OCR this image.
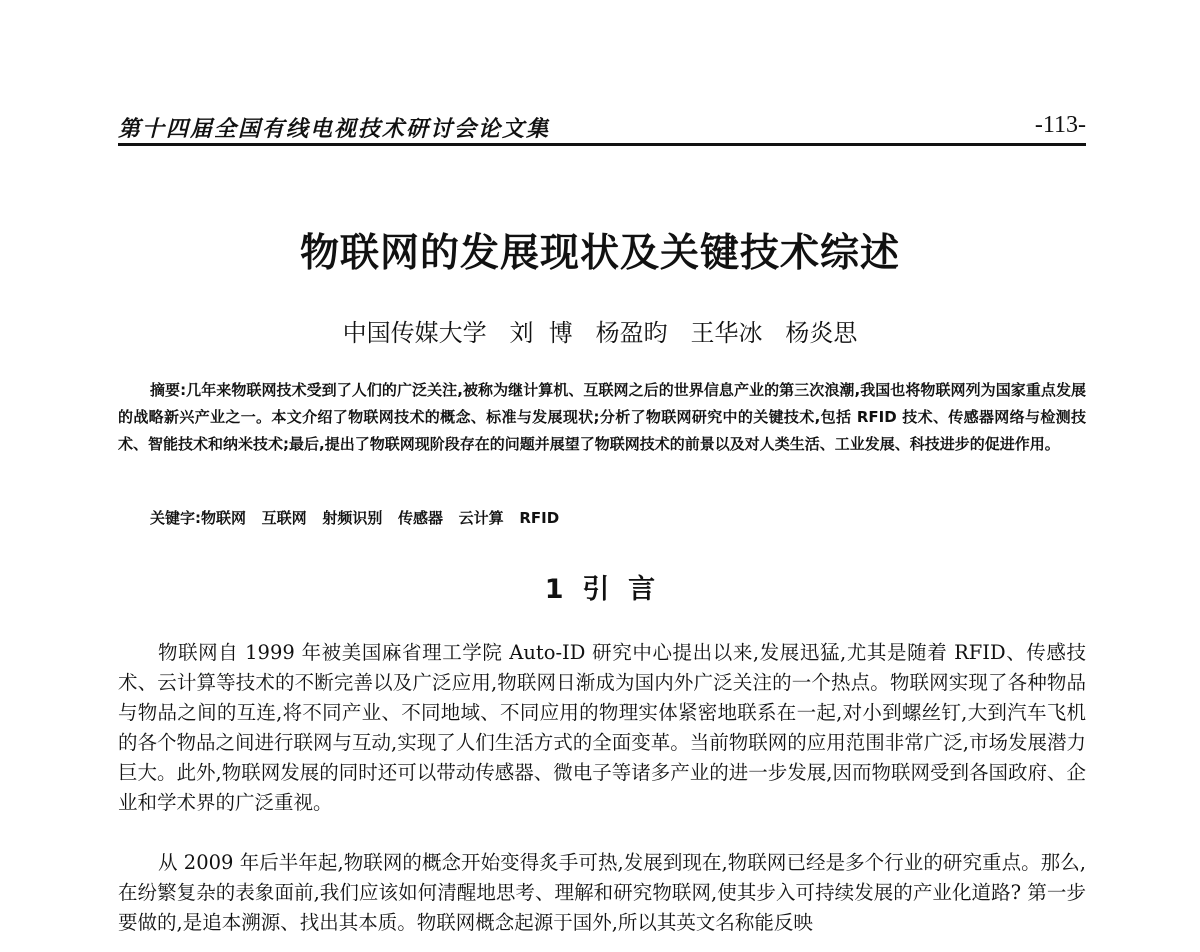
第十四届全国有线电视技术研讨会论文集	-113-
物联网的发展现状及关键技术综述
中国传媒大学   刘  博   杨盈昀   王华冰   杨炎思

摘要:几年来物联网技术受到了人们的广泛关注,被称为继计算机、互联网之后的世界信息产业的第三次浪潮,我国也将物联网列为国家重点发展的战略新兴产业之一。本文介绍了物联网技术的概念、标准与发展现状;分析了物联网研究中的关键技术,包括 RFID 技术、传感器网络与检测技术、智能技术和纳米技术;最后,提出了物联网现阶段存在的问题并展望了物联网技术的前景以及对人类生活、工业发展、科技进步的促进作用。

关键字:物联网   互联网   射频识别   传感器   云计算   RFID
1  引  言

物联网自 1999 年被美国麻省理工学院 Auto-ID 研究中心提出以来,发展迅猛,尤其是随着 RFID、传感技术、云计算等技术的不断完善以及广泛应用,物联网日渐成为国内外广泛关注的一个热点。物联网实现了各种物品与物品之间的互连,将不同产业、不同地域、不同应用的物理实体紧密地联系在一起,对小到螺丝钉,大到汽车飞机的各个物品之间进行联网与互动,实现了人们生活方式的全面变革。当前物联网的应用范围非常广泛,市场发展潜力巨大。此外,物联网发展的同时还可以带动传感器、微电子等诸多产业的进一步发展,因而物联网受到各国政府、企业和学术界的广泛重视。

从 2009 年后半年起,物联网的概念开始变得炙手可热,发展到现在,物联网已经是多个行业的研究重点。那么,在纷繁复杂的表象面前,我们应该如何清醒地思考、理解和研究物联网,使其步入可持续发展的产业化道路? 第一步要做的,是追本溯源、找出其本质。物联网概念起源于国外,所以其英文名称能反映
